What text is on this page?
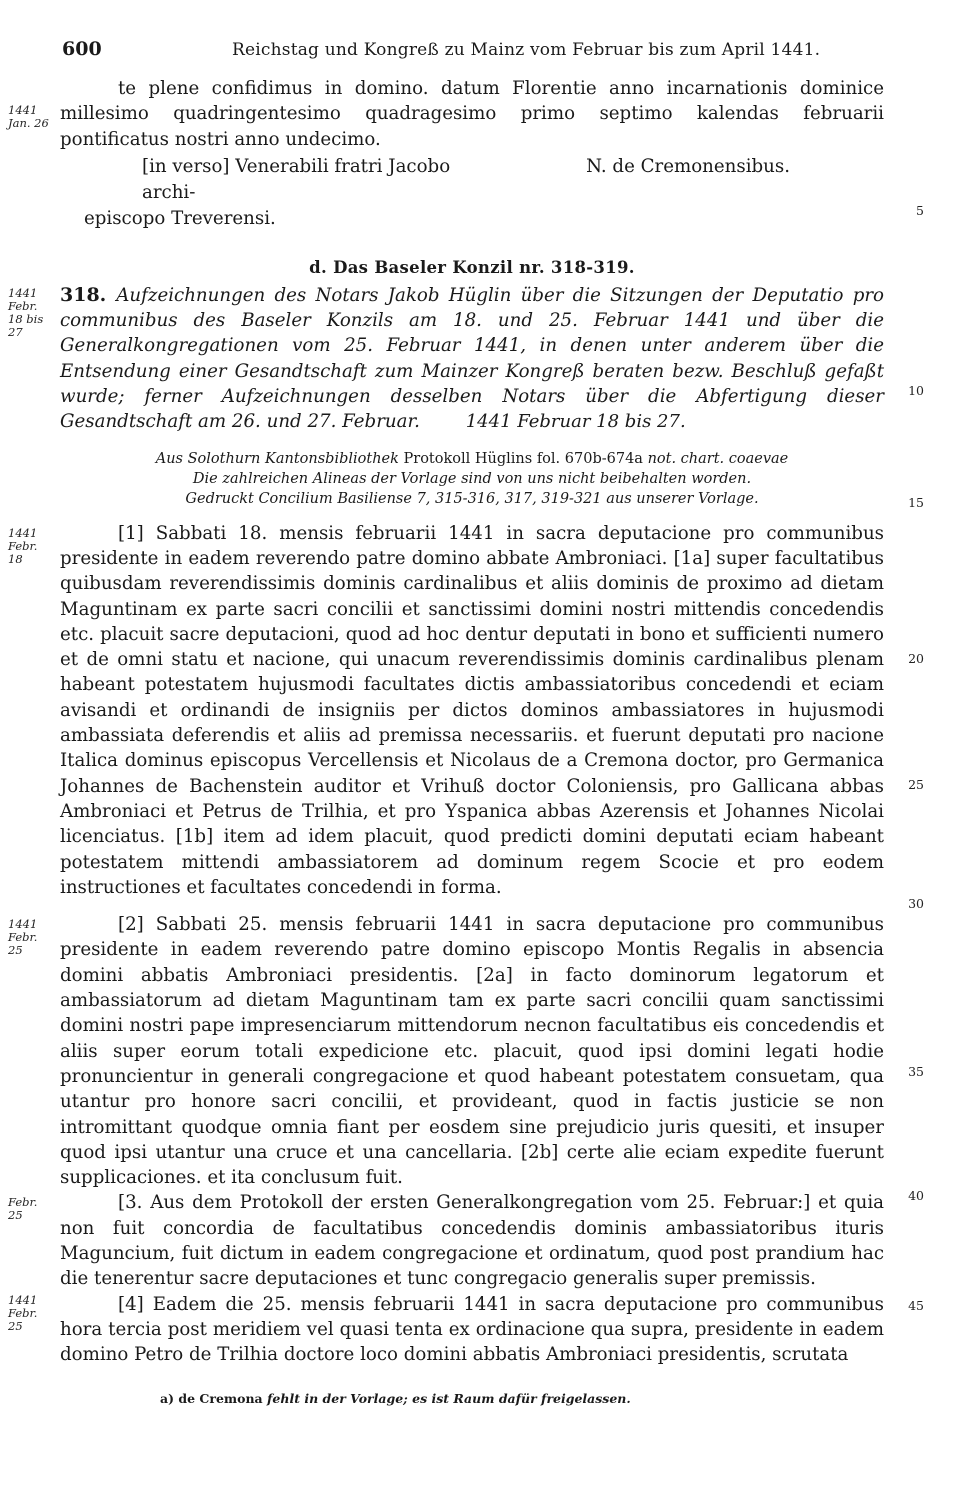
600	Reichstag und Kongreß zu Mainz vom Februar bis zum April 1441.
1441 Jan. 26

te plene confidimus in domino. datum Florentie anno incarnationis dominice millesimo quadringentesimo quadragesimo primo septimo kalendas februarii pontificatus nostri anno undecimo.

[in verso] Venerabili fratri Jacobo archi-
episcopo Treverensi.
N. de Cremonensibus.
5
d. Das Baseler Konzil nr. 318-319.
1441 Febr. 18 bis 27

318. Aufzeichnungen des Notars Jakob Hüglin über die Sitzungen der Deputatio pro communibus des Baseler Konzils am 18. und 25. Februar 1441 und über die Generalkongregationen vom 25. Februar 1441, in denen unter anderem über die Entsendung einer Gesandtschaft zum Mainzer Kongreß beraten bezw. Beschluß gefaßt wurde; ferner Aufzeichnungen desselben Notars über die Abfertigung dieser Gesandtschaft am 26. und 27. Februar.	1441 Februar 18 bis 27.

10
Aus Solothurn Kantonsbibliothek Protokoll Hüglins fol. 670b-674a not. chart. coaevae
Die zahlreichen Alineas der Vorlage sind von uns nicht beibehalten worden.
Gedruckt Concilium Basiliense 7, 315-316, 317, 319-321 aus unserer Vorlage.	15
1441 Febr. 18

[1] Sabbati 18. mensis februarii 1441 in sacra deputacione pro communibus presidente in eadem reverendo patre domino abbate Ambroniaci. [1a] super facultatibus quibusdam reverendissimis dominis cardinalibus et aliis dominis de proximo ad dietam Maguntinam ex parte sacri concilii et sanctissimi domini nostri mittendis concedendis etc. placuit sacre deputacioni, quod ad hoc dentur deputati in bono et sufficienti numero et de omni statu et nacione, qui unacum reverendissimis dominis cardinalibus plenam habeant potestatem hujusmodi facultates dictis ambassiatoribus concedendi et eciam avisandi et ordinandi de insigniis per dictos dominos ambassiatores in hujusmodi ambassiata deferendis et aliis ad premissa necessariis. et fuerunt deputati pro nacione Italica dominus episcopus Vercellensis et Nicolaus de a Cremona doctor, pro Germanica Johannes de Bachenstein auditor et Vrihuß doctor Coloniensis, pro Gallicana abbas Ambroniaci et Petrus de Trilhia, et pro Yspanica abbas Azerensis et Johannes Nicolai licenciatus. [1b] item ad idem placuit, quod predicti domini deputati eciam habeant potestatem mittendi ambassiatorem ad dominum regem Scocie et pro eodem instructiones et facultates concedendi in forma.

20
25
1441 Febr. 25

[2] Sabbati 25. mensis februarii 1441 in sacra deputacione pro communibus presidente in eadem reverendo patre domino episcopo Montis Regalis in absencia domini abbatis Ambroniaci presidentis. [2a] in facto dominorum legatorum et ambassiatorum ad dietam Maguntinam tam ex parte sacri concilii quam sanctissimi domini nostri pape impresenciarum mittendorum necnon facultatibus eis concedendis et aliis super eorum totali expedicione etc. placuit, quod ipsi domini legati hodie pronuncientur in generali congregacione et quod habeant potestatem consuetam, qua utantur pro honore sacri concilii, et provideant, quod in factis justicie se non intromittant quodque omnia fiant per eosdem sine prejudicio juris quesiti, et insuper quod ipsi utantur una cruce et una cancellaria. [2b] certe alie eciam expedite fuerunt supplicaciones. et ita conclusum fuit.

30
35
40
Febr. 25

[3. Aus dem Protokoll der ersten Generalkongregation vom 25. Februar:] et quia non fuit concordia de facultatibus concedendis dominis ambassiatoribus ituris Maguncium, fuit dictum in eadem congregacione et ordinatum, quod post prandium hac die tenerentur sacre deputaciones et tunc congregacio generalis super premissis.

1441 Febr. 25

[4] Eadem die 25. mensis februarii 1441 in sacra deputacione pro communibus hora tercia post meridiem vel quasi tenta ex ordinacione qua supra, presidente in eadem domino Petro de Trilhia doctore loco domini abbatis Ambroniaci presidentis, scrutata

45

a) de Cremona fehlt in der Vorlage; es ist Raum dafür freigelassen.
